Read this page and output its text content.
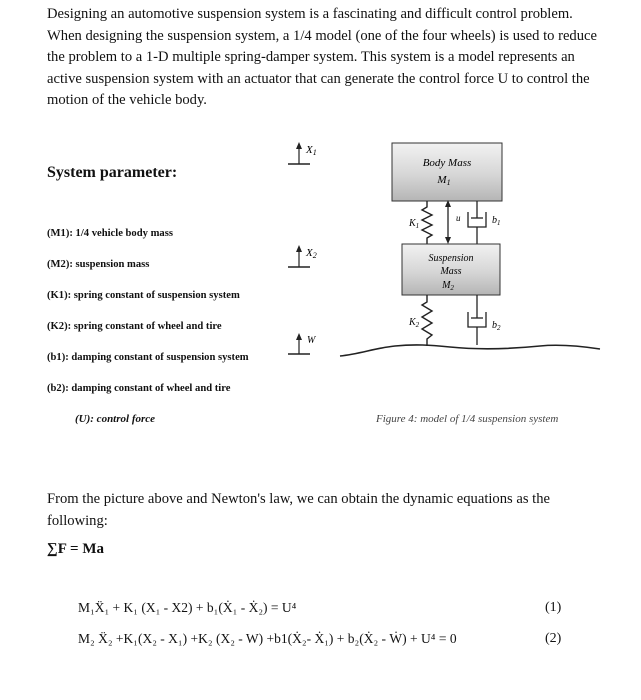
Designing an automotive suspension system is a fascinating and difficult control problem. When designing the suspension system, a 1/4 model (one of the four wheels) is used to reduce the problem to a 1-D multiple spring-damper system. This system is a model represents an active suspension system with an actuator that can generate the control force U to control the motion of the vehicle body.
System parameter:
(M1): 1/4 vehicle body mass
(M2): suspension mass
(K1): spring constant of suspension system
(K2): spring constant of wheel and tire
(b1): damping constant of suspension system
(b2): damping constant of wheel and tire
(U): control force
X1
X2
W
Body Mass
M1
$K_1$
u	$b_1$
Suspension
Mass
$M_2$
$K_2$	$b_2$
Figure 4: model of 1/4 suspension system
From the picture above and Newton's law, we can obtain the dynamic equations as the following:
∑F = Ma
M₁Ẍ₁ + K₁ (X₁ - X2) + b₁(Ẋ₁ - Ẋ₂) = U⁴	(1)
M₂ Ẍ₂ +K₁(X₂ - X₁) +K₂ (X₂ - W) +b1(Ẋ₂- Ẋ₁) + b₂(Ẋ₂ - Ẇ) + U⁴ = 0	(2)
